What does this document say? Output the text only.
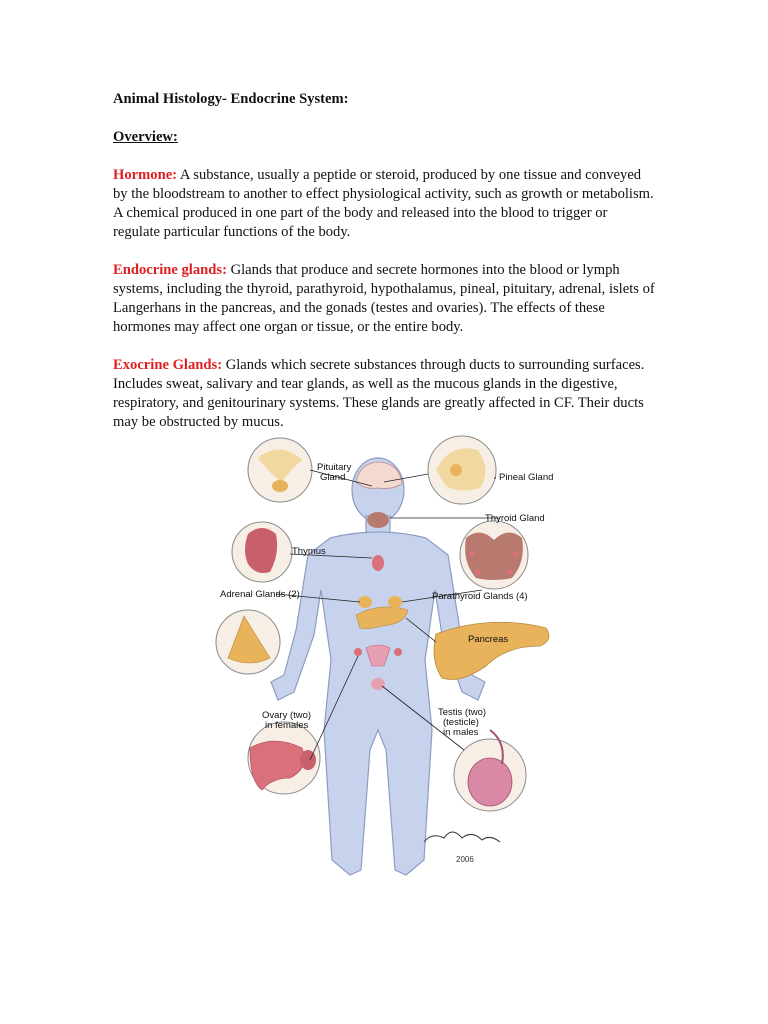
Animal Histology- Endocrine System:

Overview:

Hormone: A substance, usually a peptide or steroid, produced by one tissue and conveyed by the bloodstream to another to effect physiological activity, such as growth or metabolism. A chemical produced in one part of the body and released into the blood to trigger or regulate particular functions of the body.

Endocrine glands: Glands that produce and secrete hormones into the blood or lymph systems, including the thyroid, parathyroid, hypothalamus, pineal, pituitary, adrenal, islets of Langerhans in the pancreas, and the gonads (testes and ovaries). The effects of these hormones may affect one organ or tissue, or the entire body.

Exocrine Glands: Glands which secrete substances through ducts to surrounding surfaces. Includes sweat, salivary and tear glands, as well as the mucous glands in the digestive, respiratory, and genitourinary systems. These glands are greatly affected in CF. Their ducts may be obstructed by mucus.

Pituitary
Gland	Pineal Gland
Thyroid Gland
Thymus
Adrenal Glands (2)	Parathyroid Glands (4)
Pancreas
Ovary (two)
in females
Testis (two)
(testicle)
in males
2006
